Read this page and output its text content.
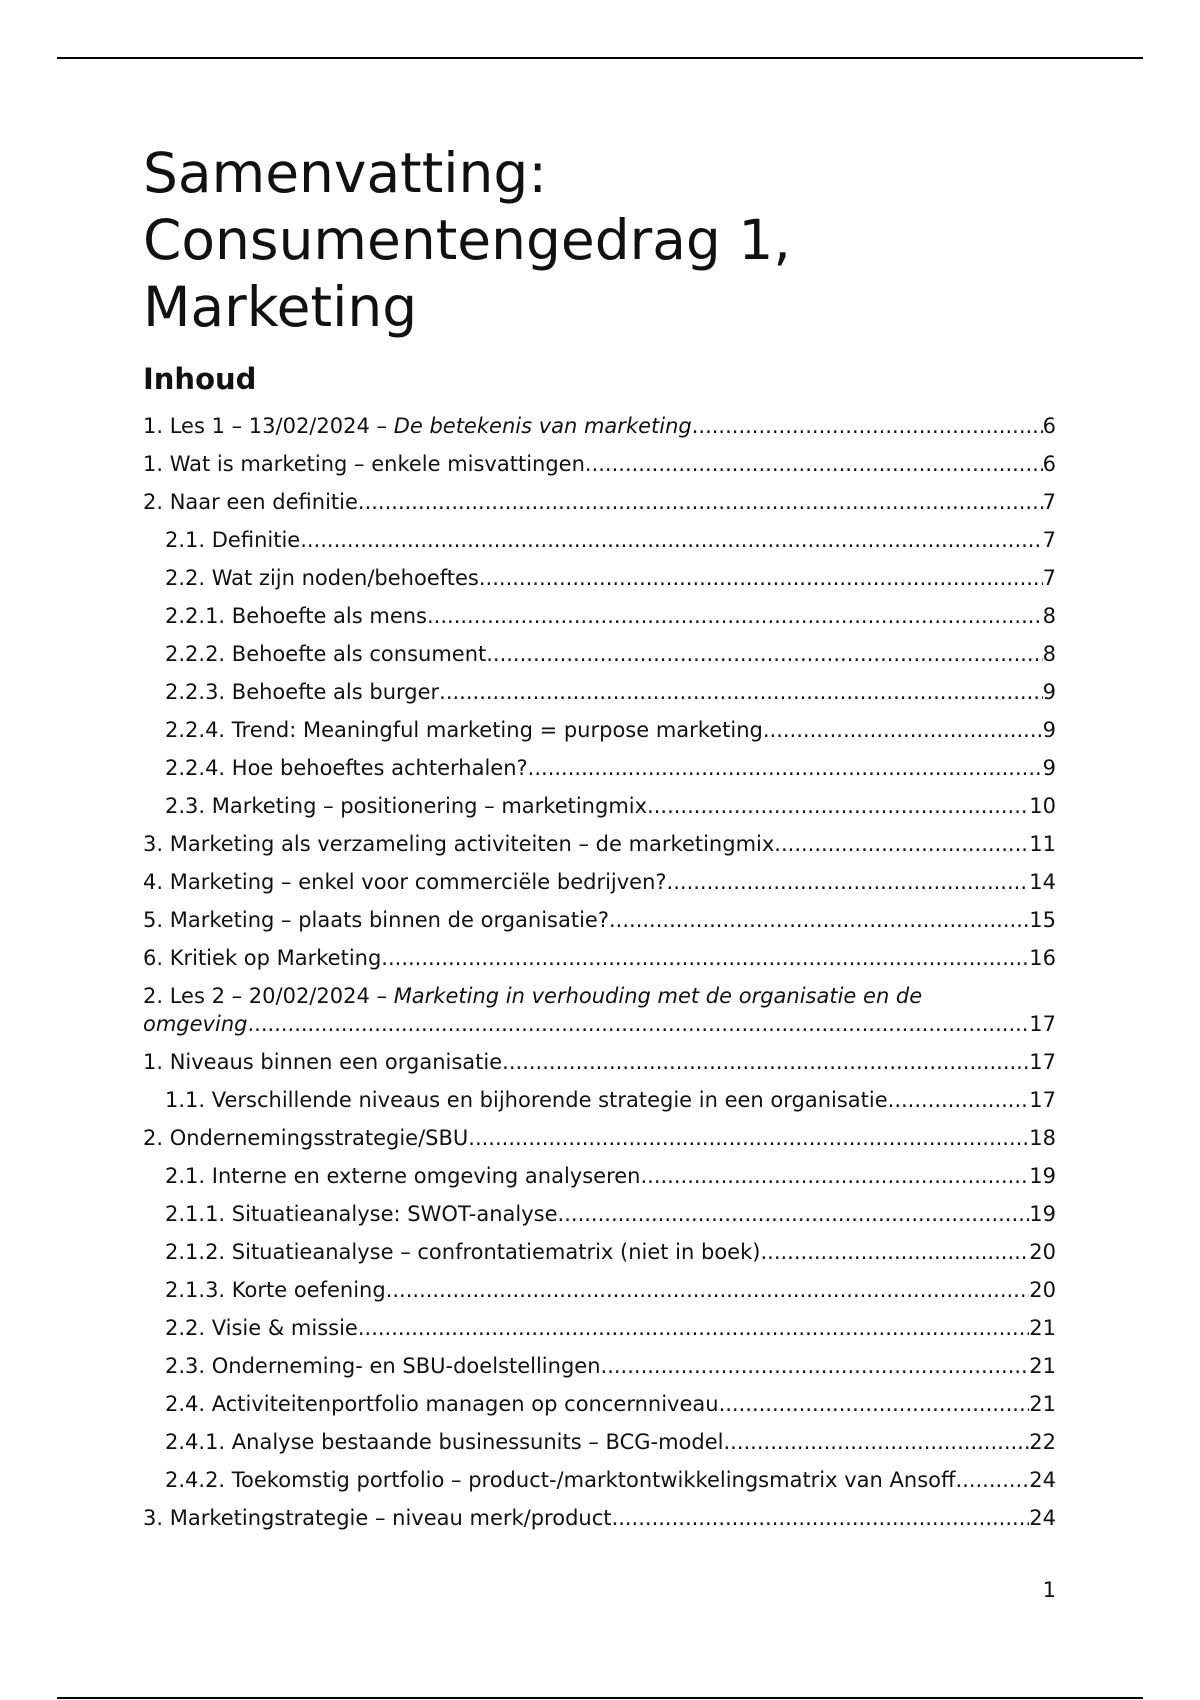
Samenvatting:
Consumentengedrag 1,
Marketing
Inhoud
1. Les 1 – 13/02/2024 – De betekenis van marketing .....	6
1. Wat is marketing – enkele misvattingen .....	6
2. Naar een definitie .....	7
2.1. Definitie .....	7
2.2. Wat zijn noden/behoeftes .....	7
2.2.1. Behoefte als mens .....	8
2.2.2. Behoefte als consument .....	8
2.2.3. Behoefte als burger .....	9
2.2.4. Trend: Meaningful marketing = purpose marketing .....	9
2.2.4. Hoe behoeftes achterhalen? .....	9
2.3. Marketing – positionering – marketingmix .....	10
3. Marketing als verzameling activiteiten – de marketingmix .....	11
4. Marketing – enkel voor commerciële bedrijven? .....	14
5. Marketing – plaats binnen de organisatie? .....	15
6. Kritiek op Marketing .....	16
2. Les 2 – 20/02/2024 – Marketing in verhouding met de organisatie en de
omgeving .....	17
1. Niveaus binnen een organisatie .....	17
1.1. Verschillende niveaus en bijhorende strategie in een organisatie .....	17
2. Ondernemingsstrategie/SBU .....	18
2.1. Interne en externe omgeving analyseren .....	19
2.1.1. Situatieanalyse: SWOT-analyse .....	19
2.1.2. Situatieanalyse – confrontatiematrix (niet in boek) .....	20
2.1.3. Korte oefening .....	20
2.2. Visie & missie .....	21
2.3. Onderneming- en SBU-doelstellingen .....	21
2.4. Activiteitenportfolio managen op concernniveau .....	21
2.4.1. Analyse bestaande businessunits – BCG-model .....	22
2.4.2. Toekomstig portfolio – product-/marktontwikkelingsmatrix van Ansoff .....	24
3. Marketingstrategie – niveau merk/product .....	24
1
